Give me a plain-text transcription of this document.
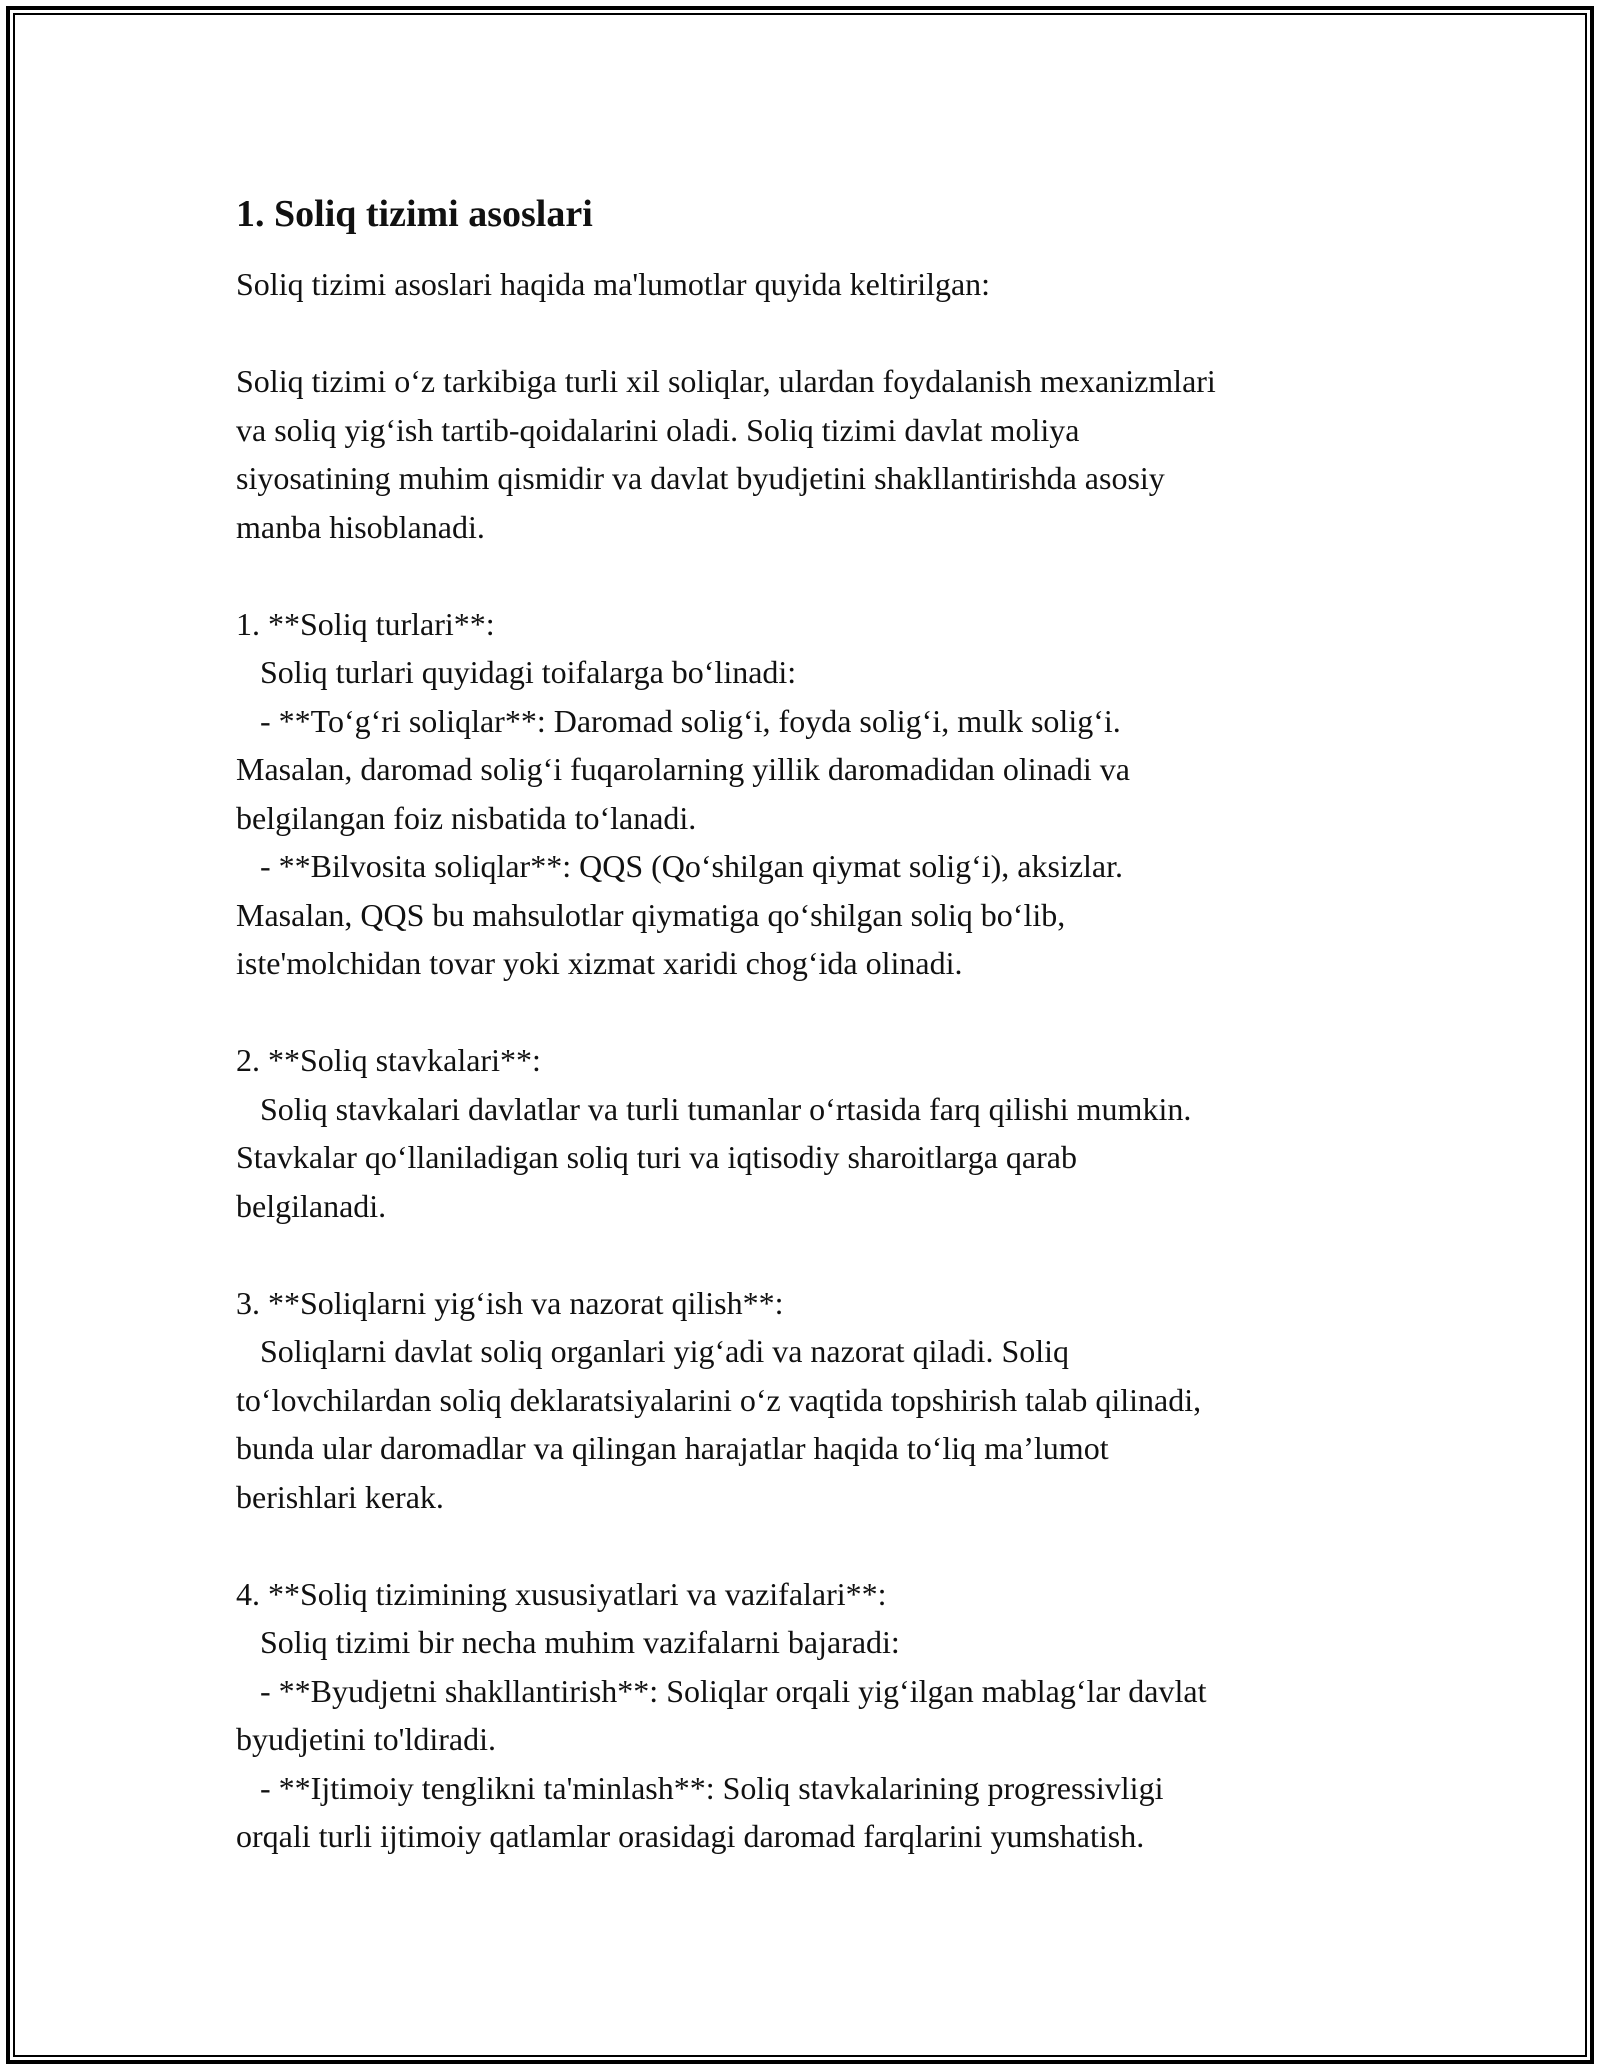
1. Soliq tizimi asoslari
Soliq tizimi asoslari haqida ma'lumotlar quyida keltirilgan:

Soliq tizimi o‘z tarkibiga turli xil soliqlar, ulardan foydalanish mexanizmlari
va soliq yig‘ish tartib-qoidalarini oladi. Soliq tizimi davlat moliya
siyosatining muhim qismidir va davlat byudjetini shakllantirishda asosiy
manba hisoblanadi.

1. **Soliq turlari**:
Soliq turlari quyidagi toifalarga bo‘linadi:
- **To‘g‘ri soliqlar**: Daromad solig‘i, foyda solig‘i, mulk solig‘i.
Masalan, daromad solig‘i fuqarolarning yillik daromadidan olinadi va
belgilangan foiz nisbatida to‘lanadi.
- **Bilvosita soliqlar**: QQS (Qo‘shilgan qiymat solig‘i), aksizlar.
Masalan, QQS bu mahsulotlar qiymatiga qo‘shilgan soliq bo‘lib,
iste'molchidan tovar yoki xizmat xaridi chog‘ida olinadi.

2. **Soliq stavkalari**:
Soliq stavkalari davlatlar va turli tumanlar o‘rtasida farq qilishi mumkin.
Stavkalar qo‘llaniladigan soliq turi va iqtisodiy sharoitlarga qarab
belgilanadi.

3. **Soliqlarni yig‘ish va nazorat qilish**:
Soliqlarni davlat soliq organlari yig‘adi va nazorat qiladi. Soliq
to‘lovchilardan soliq deklaratsiyalarini o‘z vaqtida topshirish talab qilinadi,
bunda ular daromadlar va qilingan harajatlar haqida to‘liq ma’lumot
berishlari kerak.

4. **Soliq tizimining xususiyatlari va vazifalari**:
Soliq tizimi bir necha muhim vazifalarni bajaradi:
- **Byudjetni shakllantirish**: Soliqlar orqali yig‘ilgan mablag‘lar davlat
byudjetini to'ldiradi.
- **Ijtimoiy tenglikni ta'minlash**: Soliq stavkalarining progressivligi
orqali turli ijtimoiy qatlamlar orasidagi daromad farqlarini yumshatish.
